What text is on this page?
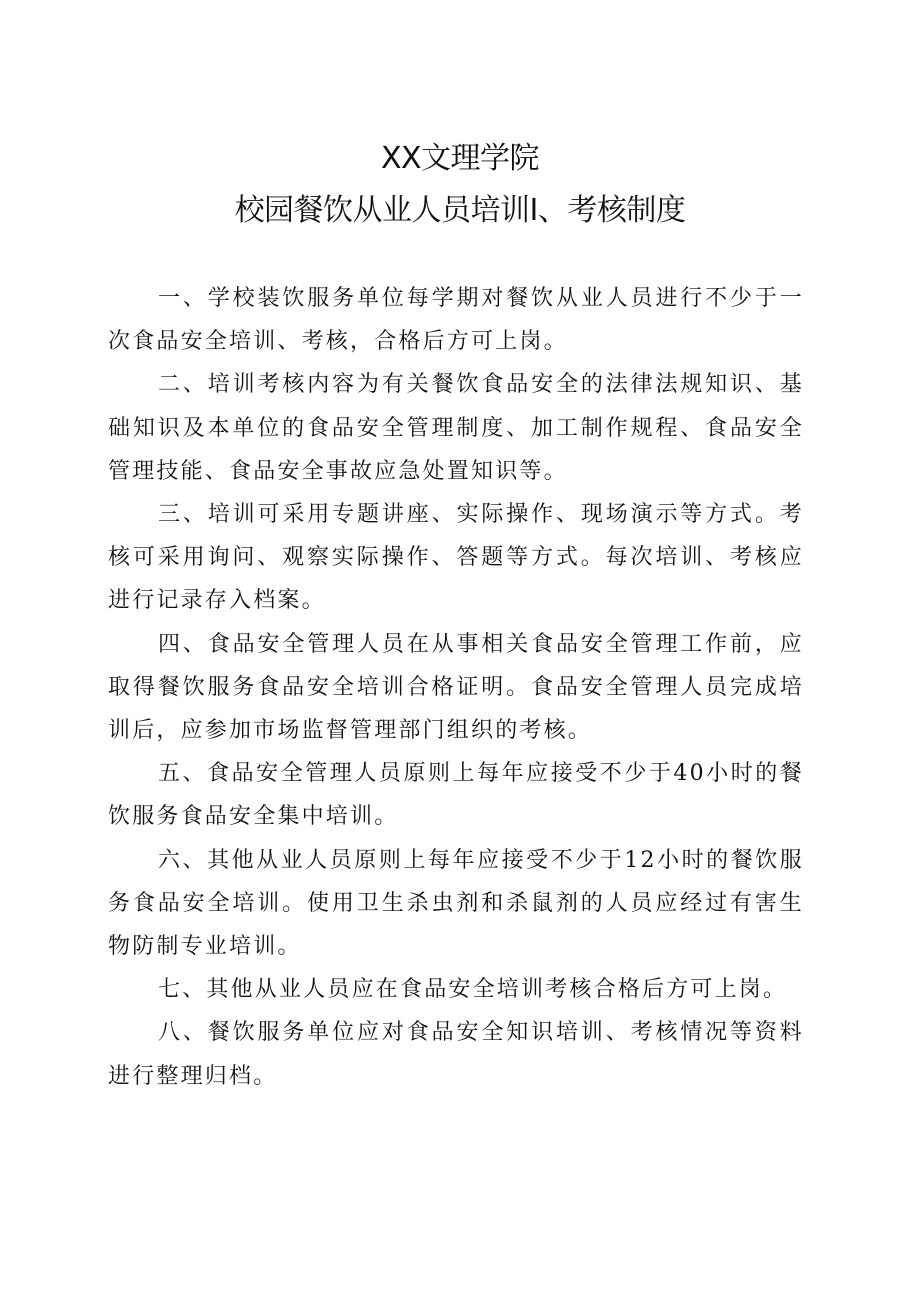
XX文理学院
校园餐饮从业人员培训I、考核制度

一、学校装饮服务单位每学期对餐饮从业人员进行不少于一次食品安全培训、考核，合格后方可上岗。

二、培训考核内容为有关餐饮食品安全的法律法规知识、基础知识及本单位的食品安全管理制度、加工制作规程、食品安全管理技能、食品安全事故应急处置知识等。

三、培训可采用专题讲座、实际操作、现场演示等方式。考核可采用询问、观察实际操作、答题等方式。每次培训、考核应进行记录存入档案。

四、食品安全管理人员在从事相关食品安全管理工作前，应取得餐饮服务食品安全培训合格证明。食品安全管理人员完成培训后，应参加市场监督管理部门组织的考核。

五、食品安全管理人员原则上每年应接受不少于40小时的餐饮服务食品安全集中培训。

六、其他从业人员原则上每年应接受不少于12小时的餐饮服务食品安全培训。使用卫生杀虫剂和杀鼠剂的人员应经过有害生物防制专业培训。

七、其他从业人员应在食品安全培训考核合格后方可上岗。

八、餐饮服务单位应对食品安全知识培训、考核情况等资料进行整理归档。
